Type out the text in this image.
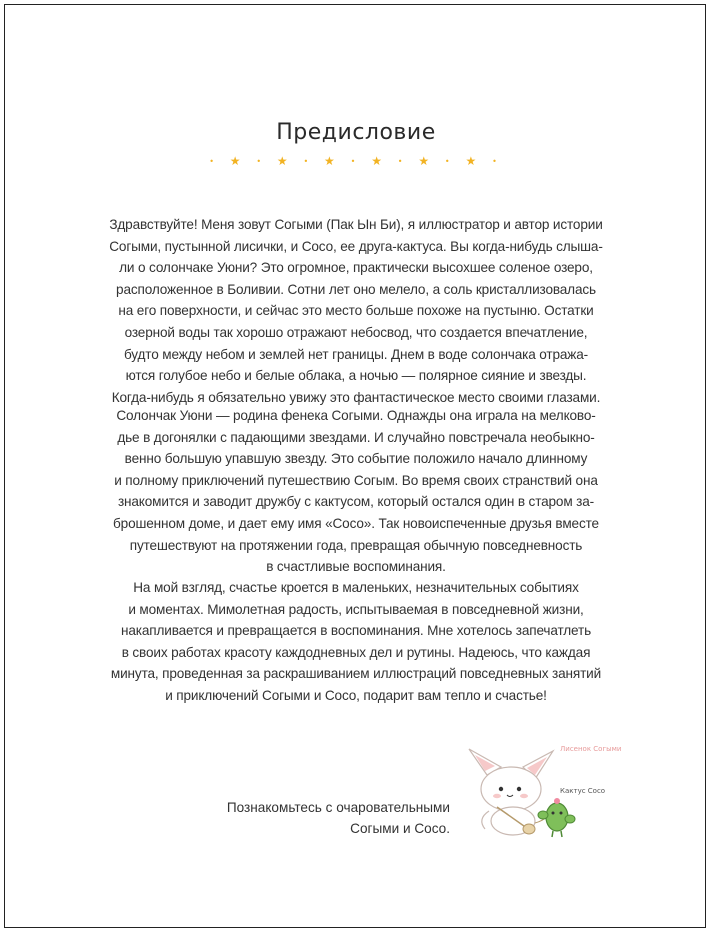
Предисловие
• ★ • ★ • ★ • ★ • ★ • ★ •
Здравствуйте! Меня зовут Согыми (Пак Ын Би), я иллюстратор и автор истории
Согыми, пустынной лисички, и Сосо, ее друга-кактуса. Вы когда-нибудь слыша-
ли о солончаке Уюни? Это огромное, практически высохшее соленое озеро,
расположенное в Боливии. Сотни лет оно мелело, а соль кристаллизовалась
на его поверхности, и сейчас это место больше похоже на пустыню. Остатки
озерной воды так хорошо отражают небосвод, что создается впечатление,
будто между небом и землей нет границы. Днем в воде солончака отража-
ются голубое небо и белые облака, а ночью — полярное сияние и звезды.
Когда-нибудь я обязательно увижу это фантастическое место своими глазами.
Солончак Уюни — родина фенека Согыми. Однажды она играла на мелково-
дье в догонялки с падающими звездами. И случайно повстречала необыкно-
венно большую упавшую звезду. Это событие положило начало длинному
и полному приключений путешествию Согым. Во время своих странствий она
знакомится и заводит дружбу с кактусом, который остался один в старом за-
брошенном доме, и дает ему имя «Сосо». Так новоиспеченные друзья вместе
путешествуют на протяжении года, превращая обычную повседневность
в счастливые воспоминания.
На мой взгляд, счастье кроется в маленьких, незначительных событиях
и моментах. Мимолетная радость, испытываемая в повседневной жизни,
накапливается и превращается в воспоминания. Мне хотелось запечатлеть
в своих работах красоту каждодневных дел и рутины. Надеюсь, что каждая
минута, проведенная за раскрашиванием иллюстраций повседневных занятий
и приключений Согыми и Сосо, подарит вам тепло и счастье!
Познакомьтесь с очаровательными
Согыми и Сосо.
Лисенок Согыми
Кактус Coco
